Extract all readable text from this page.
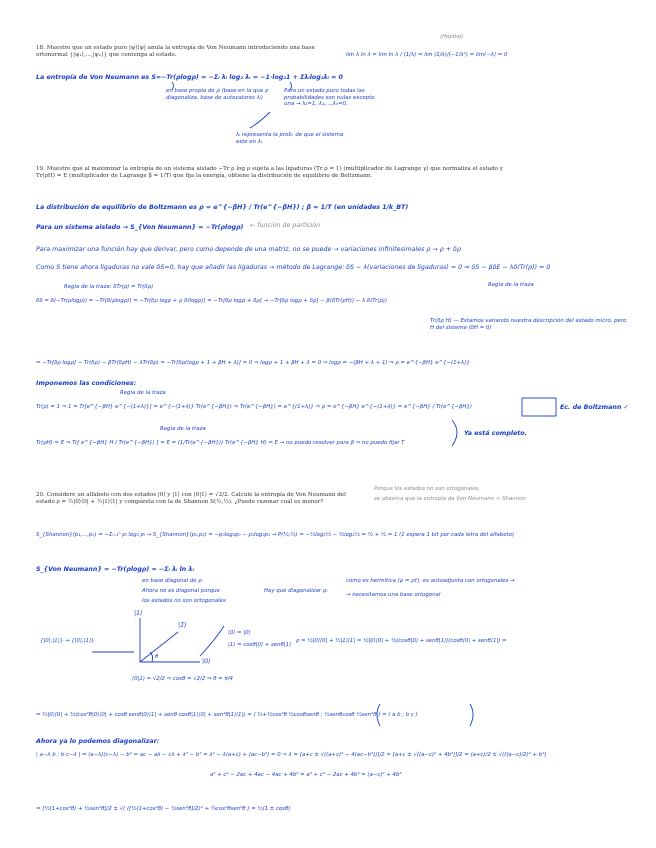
18. Muestre que un estado puro |ψ⟩⟨ψ| anula la entropía de Von Neumann introduciendo una base ortonormal {|ψ₁⟩,...,|ψₙ⟩} que contenga al estado.
(Hôpital)
lim λ ln λ = lim ln λ / (1/λ) = lim (1/λ)/(−1/λ²) = lim(−λ) = 0
La entropía de Von Neumann es S=−Tr(ρlogρ) = −Σᵢ λᵢ log₂ λᵢ = −1·log₂1 + Σλᵢlog₂λᵢ = 0
en base propia de ρ (base en la que ρ diagonaliza, base de autovalores λᵢ)
Para un estado puro todas las probabilidades son nulas excepto una → λ₁=1, λ₂,...,λₙ=0.
λᵢ representa la prob. de que el sistema esté en λᵢ
19. Muestre que al maximizar la entropía de un sistema aislado −Tr ρ log ρ sujeta a las ligaduras (Tr ρ = 1) (multiplicador de Lagrange γ) que normaliza el estado y Tr(ρH) = E (multiplicador de Lagrange β = 1/T) que fija la energía, obtiene la distribución de equilibrio de Boltzmann.
La distribución de equilibrio de Boltzmann es ρ = e^{−βH} / Tr(e^{−βH}) ; β = 1/T (en unidades 1/k_BT)
Para un sistema aislado → S_{Von Neumann} = −Tr(ρlogρ) ← función de partición
Para maximizar una función hay que derivar, pero como depende de una matriz, no se puede → variaciones infinitesimales ρ → ρ + δρ
Como S tiene ahora ligaduras no vale δS=0, hay que añadir las ligaduras → método de Lagrange: δS − λ(variaciones de ligaduras) = 0 ⇒ δS − βδE − λδ(Tr(ρ)) = 0
Regla de la traza: δTr(ρ) = Tr(δρ)	Regla de la traza
δS = δ(−Tr(ρlogρ)) = −Tr[δ(ρlogρ)] = −Tr[δρ logρ + ρ δ(logρ)] = −Tr[δρ logρ + δρ] → −Tr[δρ logρ + δρ] − β(δTr(ρH)) − λ δ(Tr(ρ))
Tr(δρ H) — Estamos variando nuestra descripción del estado micro, pero H del sistema (δH = 0)
= −Tr[δρ logρ] − Tr(δρ) − βTr(δρH) − λTr(δρ) = −Tr[δρ(logρ + 1 + βH + λ)] = 0 ⇒ logρ + 1 + βH + λ = 0 ⇒ logρ = −(βH + λ + 1) ⇒ ρ = e^{−βH} e^{−(1+λ)}
Imponemos las condiciones:
Regla de la traza
Tr(ρ) = 1 ⇒ 1 = Tr[e^{−βH} e^{−(1+λ)}] = e^{−(1+λ)} Tr(e^{−βH}) ⇒ Tr(e^{−βH}) = e^{(1+λ)} ⇒ ρ = e^{−βH} e^{−(1+λ)} = e^{−βH} / Tr(e^{−βH})	Ec. de Boltzmann ✓
Regla de la traza
Tr(ρH) = E ⇒ Tr[ e^{−βH} H / Tr(e^{−βH}) ] = E = (1/Tr(e^{−βH})) Tr(e^{−βH} H) = E → no puedo resolver para β ⇒ no puedo fijar T
Ya está completo.
20. Considere un alfabeto con dos estados |0⟩ y |1⟩ con ⟨0|1⟩ = √2/2. Calcule la entropía de Von Neumann del estado ρ = ½|0⟩⟨0| + ½|1⟩⟨1| y compárela con la de Shannon S(½,½). ¿Puede razonar cuál es menor?
Porque los estados no son ortogonales,
se observa que la entropía de Von Neumann < Shannon
S_{Shannon}(p₁,...,pₙ) = −Σᵢ₌₁ⁿ pᵢ log₂ pᵢ → S_{Shannon}(p₀,p₁) = −p₀log₂p₀ − p₁log₂p₁ → P(½,½) = −½log₂½ − ½log₂½ = ½ + ½ = 1 (1 espera 1 bit por cada letra del alfabeto)
S_{Von Neumann} = −Tr(ρlogρ) = −Σᵢ λᵢ ln λᵢ
en base diagonal de ρ
Ahora no es diagonal porque
los estados no son ortogonales
Hay que diagonalizar ρ:
como es hermítica (ρ = ρ†), es autoadjunta con ortogonales →
→ necesitamos una base ortogonal
{|0⟩,|1⟩} → {|0⟩,|1⟩}
|0⟩ = |0⟩
|1⟩ = cosθ|0⟩ + senθ|1⟩
ρ = ½|0⟩⟨0| + ½|1⟩⟨1| = ½|0⟩⟨0| + ½(cosθ|0⟩ + senθ|1⟩)(cosθ⟨0| + senθ⟨1|) =
⟨0|1⟩ = √2/2 ⇒ cosθ = √2/2 ⇒ θ = π/4
|1⟩
|1̃⟩
|0⟩
θ
= ½|0⟩⟨0| + ½(cos²θ|0⟩⟨0| + cosθ senθ|0⟩⟨1| + senθ cosθ|1⟩⟨0| + sen²θ|1⟩⟨1|) = ( ½+½cos²θ ½cosθsenθ ; ½senθcosθ ½sen²θ ) = ( a b ; b c )
Ahora ya lo podemos diagonalizar:
| a−λ b ; b c−λ | = (a−λ)(c−λ) − b² = ac − aλ − cλ + λ² − b² = λ² − λ(a+c) + (ac−b²) = 0 ⇒ λ = [a+c ± √((a+c)² − 4(ac−b²))]/2 = [a+c ± √((a−c)² + 4b²)]/2 = (a+c)/2 ± √(((a−c)/2)² + b²)
a² + c² − 2ac + 4ac − 4ac + 4b² = a² + c² − 2ac + 4b² = (a−c)² + 4b²
= [½(1+cos²θ) + ½sen²θ]/2 ± √( ([½(1+cos²θ) − ½sen²θ]/2)² + ¼cos²θsen²θ ) = ½(1 ± cosθ)
